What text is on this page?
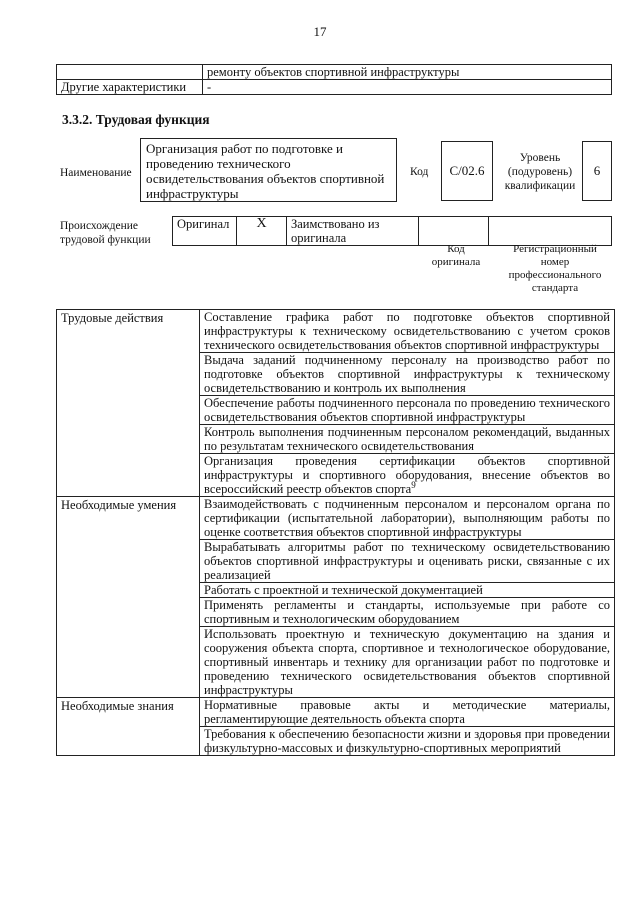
17
	ремонту объектов спортивной инфраструктуры
Другие характеристики	-
3.3.2. Трудовая функция
Наименование
Организация работ по подготовке и проведению технического освидетельствования объектов спортивной инфраструктуры
Код	C/02.6
Уровень (подуровень) квалификации
6
Происхождение трудовой функции
Оригинал	X	Заимствовано из оригинала		
Код оригинала
Регистрационный номер профессионального стандарта
Трудовые действия	Составление графика работ по подготовке объектов спортивной инфраструктуры к техническому освидетельствованию с учетом сроков технического освидетельствования объектов спортивной инфраструктуры
	Выдача заданий подчиненному персоналу на производство работ по подготовке объектов спортивной инфраструктуры к техническому освидетельствованию и контроль их выполнения
	Обеспечение работы подчиненного персонала по проведению технического освидетельствования объектов спортивной инфраструктуры
	Контроль выполнения подчиненным персоналом рекомендаций, выданных по результатам технического освидетельствования
	Организация проведения сертификации объектов спортивной инфраструктуры и спортивного оборудования, внесение объектов во всероссийский реестр объектов спорта$^9$
Необходимые умения	Взаимодействовать с подчиненным персоналом и персоналом органа по сертификации (испытательной лаборатории), выполняющим работы по оценке соответствия объектов спортивной инфраструктуры
	Вырабатывать алгоритмы работ по техническому освидетельствованию объектов спортивной инфраструктуры и оценивать риски, связанные с их реализацией
	Работать с проектной и технической документацией
	Применять регламенты и стандарты, используемые при работе со спортивным и технологическим оборудованием
	Использовать проектную и техническую документацию на здания и сооружения объекта спорта, спортивное и технологическое оборудование, спортивный инвентарь и технику для организации работ по подготовке и проведению технического освидетельствования объектов спортивной инфраструктуры
Необходимые знания	Нормативные правовые акты и методические материалы, регламентирующие деятельность объекта спорта
	Требования к обеспечению безопасности жизни и здоровья при проведении физкультурно-массовых и физкультурно-спортивных мероприятий
